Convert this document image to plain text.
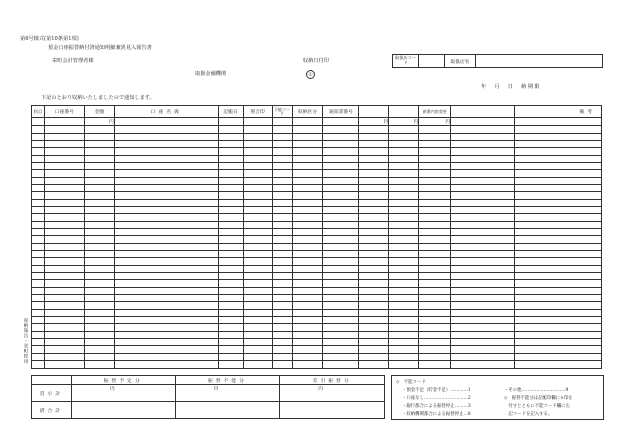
第6号様式(第10条第1項)
預金口座振替納付済通知明細兼異見入報告書
栄町会計管理者様	収納日付印
取扱金融機関	印
年　月　日　納期限
下記のとおり収納いたしましたので通知します。
取扱店コード		取扱店名	
収納報告・栄町控用
科目	口座番号	金額	口座名義	記帳日	照合印	不能コード	収納区分	通知書番号			新番内容変更		備考
		円							円	円	円		

	振替予定分	振替不能分	差引振替分
頁小計	円	円	円

済合計			
◇　不能コード
・預金不足（貯金不足）…………1
・口座なし…………………………2
・銀行都合による振替停止………3
・収納機関都合による振替停止…8
・その他…………………………9
◇　振替不能分は記帳印欄に×印を
　付すとともに不能コード欄に左
　記コードを記入する。
